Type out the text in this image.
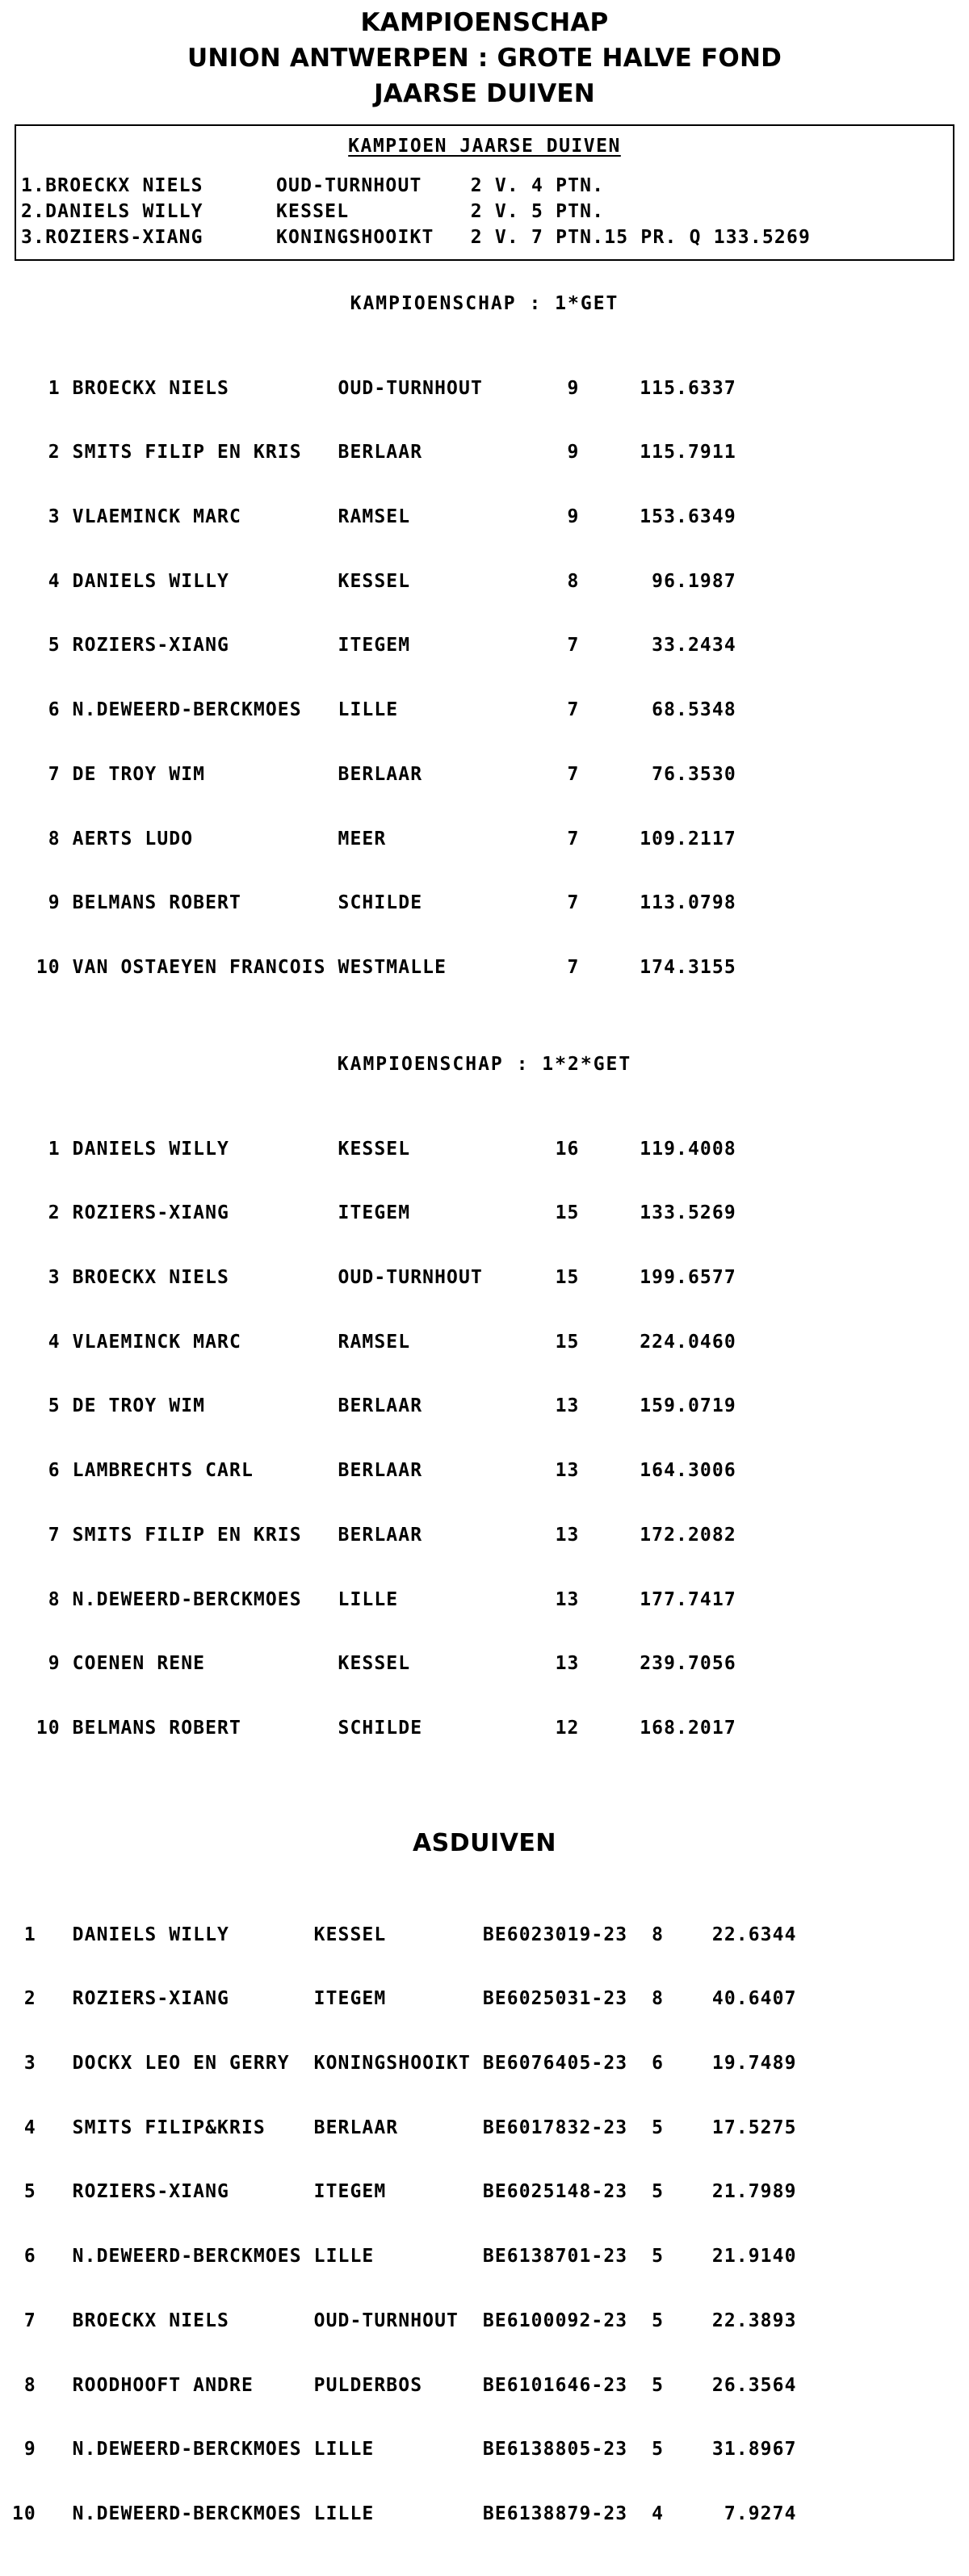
KAMPIOENSCHAP
UNION ANTWERPEN : GROTE HALVE FOND
JAARSE DUIVEN
KAMPIOEN JAARSE DUIVEN
1.BROECKX NIELS      OUD-TURNHOUT    2 V. 4 PTN.
2.DANIELS WILLY      KESSEL          2 V. 5 PTN.
3.ROZIERS-XIANG      KONINGSHOOIKT   2 V. 7 PTN.15 PR. Q 133.5269
KAMPIOENSCHAP : 1*GET

1 BROECKX NIELS         OUD-TURNHOUT       9     115.6337

2 SMITS FILIP EN KRIS   BERLAAR            9     115.7911

3 VLAEMINCK MARC        RAMSEL             9     153.6349

4 DANIELS WILLY         KESSEL             8      96.1987

5 ROZIERS-XIANG         ITEGEM             7      33.2434

6 N.DEWEERD-BERCKMOES   LILLE              7      68.5348

7 DE TROY WIM           BERLAAR            7      76.3530

8 AERTS LUDO            MEER               7     109.2117

9 BELMANS ROBERT        SCHILDE            7     113.0798

10 VAN OSTAEYEN FRANCOIS WESTMALLE          7     174.3155

KAMPIOENSCHAP : 1*2*GET

1 DANIELS WILLY         KESSEL            16     119.4008

2 ROZIERS-XIANG         ITEGEM            15     133.5269

3 BROECKX NIELS         OUD-TURNHOUT      15     199.6577

4 VLAEMINCK MARC        RAMSEL            15     224.0460

5 DE TROY WIM           BERLAAR           13     159.0719

6 LAMBRECHTS CARL       BERLAAR           13     164.3006

7 SMITS FILIP EN KRIS   BERLAAR           13     172.2082

8 N.DEWEERD-BERCKMOES   LILLE             13     177.7417

9 COENEN RENE           KESSEL            13     239.7056

10 BELMANS ROBERT        SCHILDE           12     168.2017

ASDUIVEN

1   DANIELS WILLY       KESSEL        BE6023019-23  8    22.6344

2   ROZIERS-XIANG       ITEGEM        BE6025031-23  8    40.6407

3   DOCKX LEO EN GERRY  KONINGSHOOIKT BE6076405-23  6    19.7489

4   SMITS FILIP&KRIS    BERLAAR       BE6017832-23  5    17.5275

5   ROZIERS-XIANG       ITEGEM        BE6025148-23  5    21.7989

6   N.DEWEERD-BERCKMOES LILLE         BE6138701-23  5    21.9140

7   BROECKX NIELS       OUD-TURNHOUT  BE6100092-23  5    22.3893

8   ROODHOOFT ANDRE     PULDERBOS     BE6101646-23  5    26.3564

9   N.DEWEERD-BERCKMOES LILLE         BE6138805-23  5    31.8967

10   N.DEWEERD-BERCKMOES LILLE         BE6138879-23  4     7.9274
